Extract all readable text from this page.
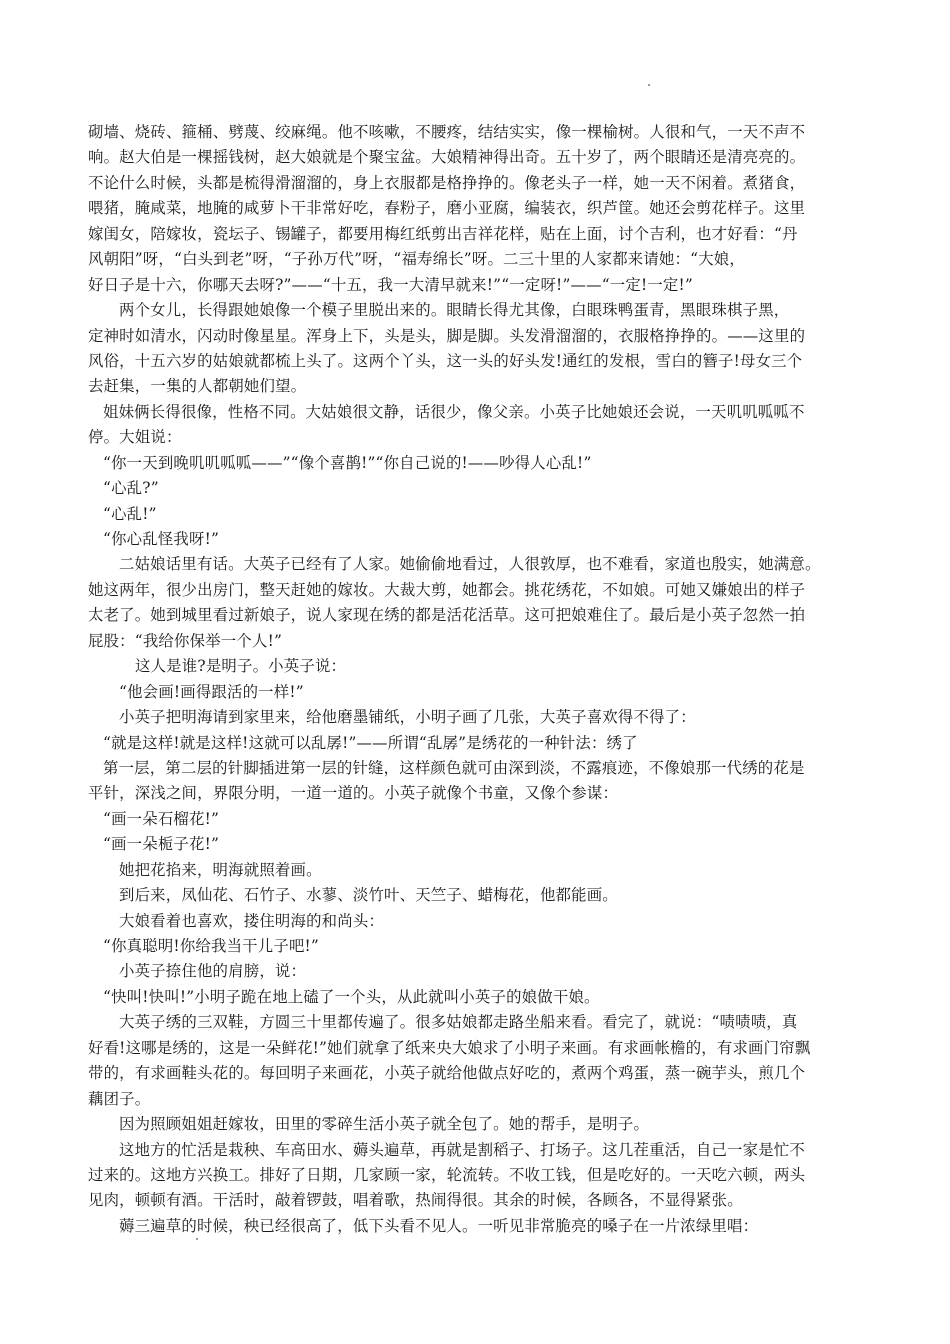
砌墙、烧砖、箍桶、劈蔑、绞麻绳。他不咳嗽，不腰疼，结结实实，像一棵榆树。人很和气，一天不声不
响。赵大伯是一棵摇钱树，赵大娘就是个聚宝盆。大娘精神得出奇。五十岁了，两个眼睛还是清亮亮的。
不论什么时候，头都是梳得滑溜溜的，身上衣服都是格挣挣的。像老头子一样，她一天不闲着。煮猪食，
喂猪，腌咸菜，地腌的咸萝卜干非常好吃，春粉子，磨小亚腐，编装衣，织芦筐。她还会剪花样子。这里
嫁闺女，陪嫁妆，瓷坛子、锡罐子，都要用梅红纸剪出吉祥花样，贴在上面，讨个吉利，也才好看：“丹
风朝阳”呀，“白头到老”呀，“子孙万代”呀，“福寿绵长”呀。二三十里的人家都来请她：“大娘，
好日子是十六，你哪天去呀?”——“十五，我一大清早就来!”“一定呀!”——“一定!一定!”
两个女儿，长得跟她娘像一个模子里脱出来的。眼睛长得尤其像，白眼珠鸭蛋青，黑眼珠棋子黑，
定神时如清水，闪动时像星星。浑身上下，头是头，脚是脚。头发滑溜溜的，衣服格挣挣的。——这里的
风俗，十五六岁的姑娘就都梳上头了。这两个丫头，这一头的好头发!通红的发根，雪白的簪子!母女三个
去赶集，一集的人都朝她们望。
姐妹俩长得很像，性格不同。大姑娘很文静，话很少，像父亲。小英子比她娘还会说，一天叽叽呱呱不
停。大姐说：
“你一天到晚叽叽呱呱——”“像个喜鹊!”“你自己说的!——吵得人心乱!”
“心乱?”
“心乱!”
“你心乱怪我呀!”
二姑娘话里有话。大英子已经有了人家。她偷偷地看过，人很敦厚，也不难看，家道也殷实，她满意。
她这两年，很少出房门，整天赶她的嫁妆。大裁大剪，她都会。挑花绣花，不如娘。可她又嫌娘出的样子
太老了。她到城里看过新娘子，说人家现在绣的都是活花活草。这可把娘难住了。最后是小英子忽然一拍
屁股：“我给你保举一个人!”
这人是谁?是明子。小英子说：
“他会画!画得跟活的一样!”
小英子把明海请到家里来，给他磨墨铺纸，小明子画了几张，大英子喜欢得不得了：
“就是这样!就是这样!这就可以乱孱!”——所谓“乱孱”是绣花的一种针法：绣了
第一层，第二层的针脚插进第一层的针缝，这样颜色就可由深到淡，不露痕迹，不像娘那一代绣的花是
平针，深浅之间，界限分明，一道一道的。小英子就像个书童，又像个参谋：
“画一朵石榴花!”
“画一朵栀子花!”
她把花掐来，明海就照着画。
到后来，凤仙花、石竹子、水蓼、淡竹叶、天竺子、蜡梅花，他都能画。
大娘看着也喜欢，搂住明海的和尚头：
“你真聪明!你给我当干儿子吧!”
小英子捺住他的肩膀，说：
“快叫!快叫!”小明子跪在地上磕了一个头，从此就叫小英子的娘做干娘。
大英子绣的三双鞋，方圆三十里都传遍了。很多姑娘都走路坐船来看。看完了，就说：“啧啧啧，真
好看!这哪是绣的，这是一朵鲜花!”她们就拿了纸来央大娘求了小明子来画。有求画帐檐的，有求画门帘飘
带的，有求画鞋头花的。每回明子来画花，小英子就给他做点好吃的，煮两个鸡蛋，蒸一碗芋头，煎几个
藕团子。
因为照顾姐姐赶嫁妆，田里的零碎生活小英子就全包了。她的帮手，是明子。
这地方的忙活是栽秧、车高田水、薅头遍草，再就是割稻子、打场子。这几茬重活，自己一家是忙不
过来的。这地方兴换工。排好了日期，几家顾一家，轮流转。不收工钱，但是吃好的。一天吃六顿，两头
见肉，顿顿有酒。干活时，敲着锣鼓，唱着歌，热闹得很。其余的时候，各顾各，不显得紧张。
薅三遍草的时候，秧已经很高了，低下头看不见人。一听见非常脆亮的嗓子在一片浓绿里唱：
